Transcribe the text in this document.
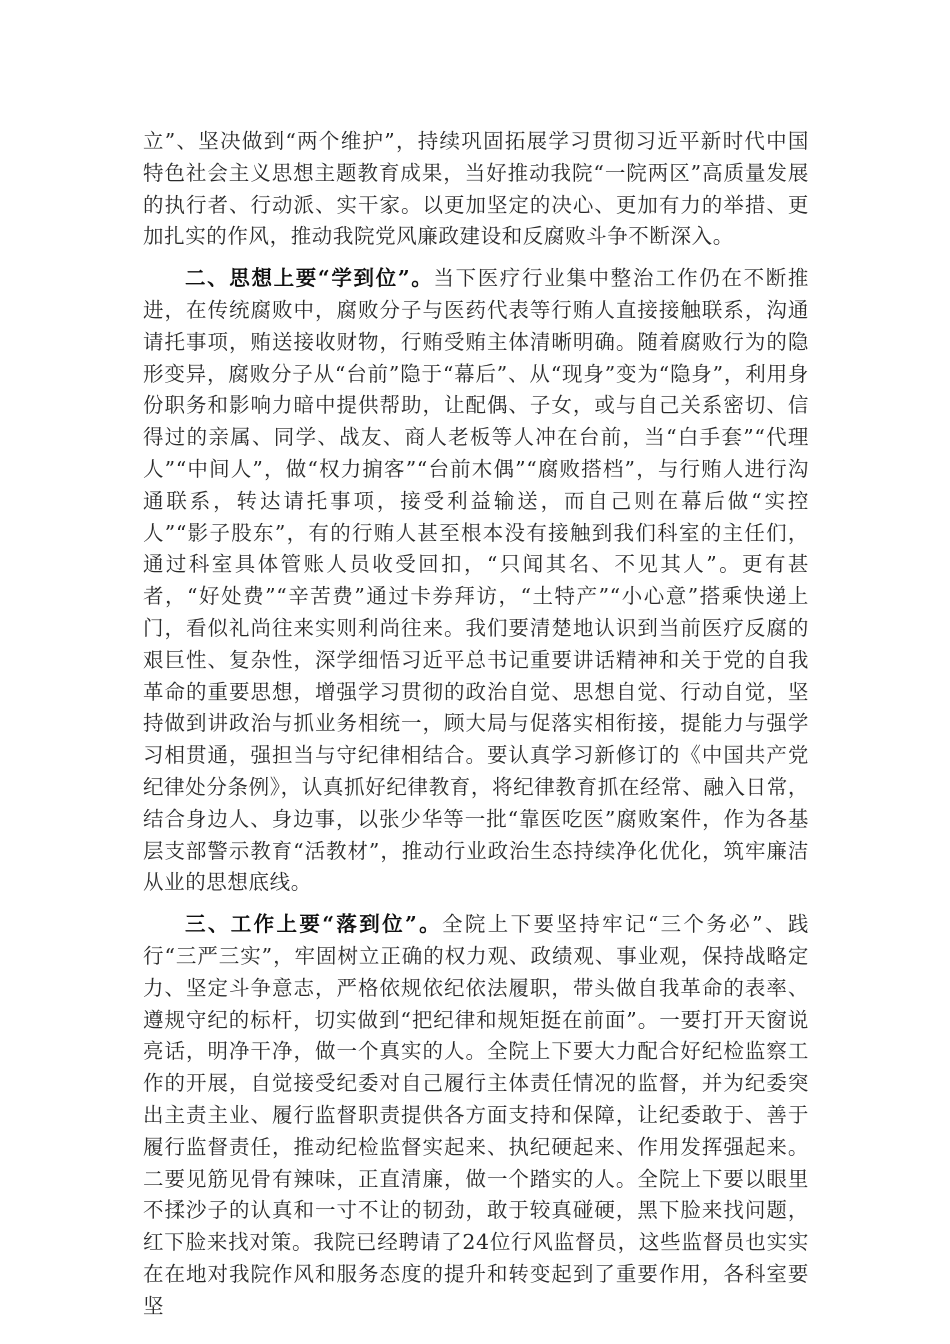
立”、坚决做到“两个维护”，持续巩固拓展学习贯彻习近平新时代中国特色社会主义思想主题教育成果，当好推动我院“一院两区”高质量发展的执行者、行动派、实干家。以更加坚定的决心、更加有力的举措、更加扎实的作风，推动我院党风廉政建设和反腐败斗争不断深入。

二、思想上要“学到位”。当下医疗行业集中整治工作仍在不断推进，在传统腐败中，腐败分子与医药代表等行贿人直接接触联系，沟通请托事项，贿送接收财物，行贿受贿主体清晰明确。随着腐败行为的隐形变异，腐败分子从“台前”隐于“幕后”、从“现身”变为“隐身”，利用身份职务和影响力暗中提供帮助，让配偶、子女，或与自己关系密切、信得过的亲属、同学、战友、商人老板等人冲在台前，当“白手套”“代理人”“中间人”，做“权力掮客”“台前木偶”“腐败搭档”，与行贿人进行沟通联系，转达请托事项，接受利益输送，而自己则在幕后做“实控人”“影子股东”，有的行贿人甚至根本没有接触到我们科室的主任们，通过科室具体管账人员收受回扣，“只闻其名、不见其人”。更有甚者，“好处费”“辛苦费”通过卡券拜访，“土特产”“小心意”搭乘快递上门，看似礼尚往来实则利尚往来。我们要清楚地认识到当前医疗反腐的艰巨性、复杂性，深学细悟习近平总书记重要讲话精神和关于党的自我革命的重要思想，增强学习贯彻的政治自觉、思想自觉、行动自觉，坚持做到讲政治与抓业务相统一，顾大局与促落实相衔接，提能力与强学习相贯通，强担当与守纪律相结合。要认真学习新修订的《中国共产党纪律处分条例》，认真抓好纪律教育，将纪律教育抓在经常、融入日常，结合身边人、身边事，以张少华等一批“靠医吃医”腐败案件，作为各基层支部警示教育“活教材”，推动行业政治生态持续净化优化，筑牢廉洁从业的思想底线。

三、工作上要“落到位”。全院上下要坚持牢记“三个务必”、践行“三严三实”，牢固树立正确的权力观、政绩观、事业观，保持战略定力、坚定斗争意志，严格依规依纪依法履职，带头做自我革命的表率、遵规守纪的标杆，切实做到“把纪律和规矩挺在前面”。一要打开天窗说亮话，明净干净，做一个真实的人。全院上下要大力配合好纪检监察工作的开展，自觉接受纪委对自己履行主体责任情况的监督，并为纪委突出主责主业、履行监督职责提供各方面支持和保障，让纪委敢于、善于履行监督责任，推动纪检监督实起来、执纪硬起来、作用发挥强起来。二要见筋见骨有辣味，正直清廉，做一个踏实的人。全院上下要以眼里不揉沙子的认真和一寸不让的韧劲，敢于较真碰硬，黑下脸来找问题，红下脸来找对策。我院已经聘请了24位行风监督员，这些监督员也实实在在地对我院作风和服务态度的提升和转变起到了重要作用，各科室要坚
